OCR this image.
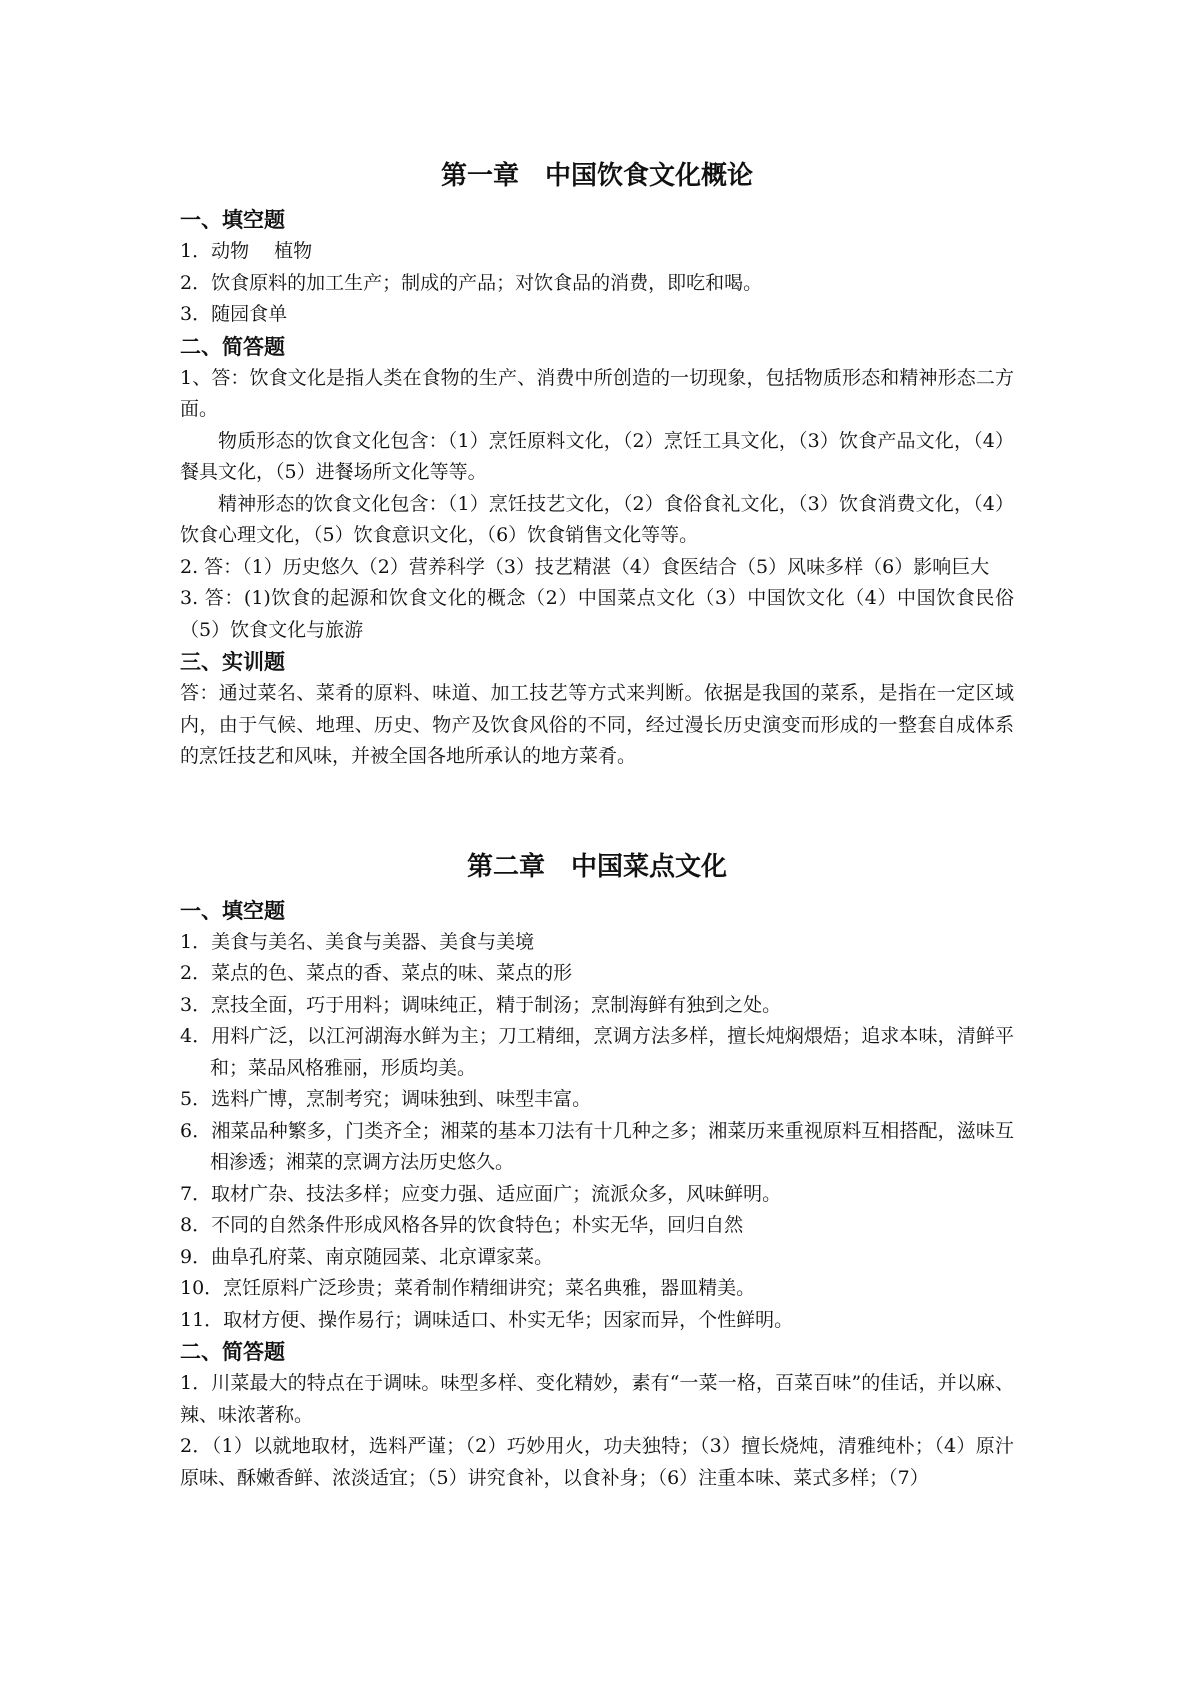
第一章　中国饮食文化概论
一、填空题

1．动物　 植物

2．饮食原料的加工生产；制成的产品；对饮食品的消费，即吃和喝。

3．随园食单

二、简答题

1、答：饮食文化是指人类在食物的生产、消费中所创造的一切现象，包括物质形态和精神形态二方面。

物质形态的饮食文化包含：（1）烹饪原料文化，（2）烹饪工具文化，（3）饮食产品文化，（4）餐具文化，（5）进餐场所文化等等。

精神形态的饮食文化包含：（1）烹饪技艺文化，（2）食俗食礼文化，（3）饮食消费文化，（4）饮食心理文化，（5）饮食意识文化，（6）饮食销售文化等等。

2. 答：（1）历史悠久（2）营养科学（3）技艺精湛（4）食医结合（5）风味多样（6）影响巨大

3. 答：(1)饮食的起源和饮食文化的概念（2）中国菜点文化（3）中国饮文化（4）中国饮食民俗（5）饮食文化与旅游

三、实训题

答：通过菜名、菜肴的原料、味道、加工技艺等方式来判断。依据是我国的菜系，是指在一定区域内，由于气候、地理、历史、物产及饮食风俗的不同，经过漫长历史演变而形成的一整套自成体系的烹饪技艺和风味，并被全国各地所承认的地方菜肴。

第二章　中国菜点文化
一、填空题

1．美食与美名、美食与美器、美食与美境

2．菜点的色、菜点的香、菜点的味、菜点的形

3．烹技全面，巧于用料；调味纯正，精于制汤；烹制海鲜有独到之处。

4．用料广泛，以江河湖海水鲜为主；刀工精细，烹调方法多样，擅长炖焖煨焐；追求本味，清鲜平和；菜品风格雅丽，形质均美。

5．选料广博，烹制考究；调味独到、味型丰富。

6．湘菜品种繁多，门类齐全；湘菜的基本刀法有十几种之多；湘菜历来重视原料互相搭配，滋味互相渗透；湘菜的烹调方法历史悠久。

7．取材广杂、技法多样；应变力强、适应面广；流派众多，风味鲜明。

8．不同的自然条件形成风格各异的饮食特色；朴实无华，回归自然

9．曲阜孔府菜、南京随园菜、北京谭家菜。

10．烹饪原料广泛珍贵；菜肴制作精细讲究；菜名典雅，器皿精美。

11．取材方便、操作易行；调味适口、朴实无华；因家而异，个性鲜明。

二、简答题

1．川菜最大的特点在于调味。味型多样、变化精妙，素有“一菜一格，百菜百味”的佳话，并以麻、辣、味浓著称。

2．（1）以就地取材，选料严谨；（2）巧妙用火，功夫独特；（3）擅长烧炖，清雅纯朴；（4）原汁原味、酥嫩香鲜、浓淡适宜；（5）讲究食补，以食补身；（6）注重本味、菜式多样；（7）
